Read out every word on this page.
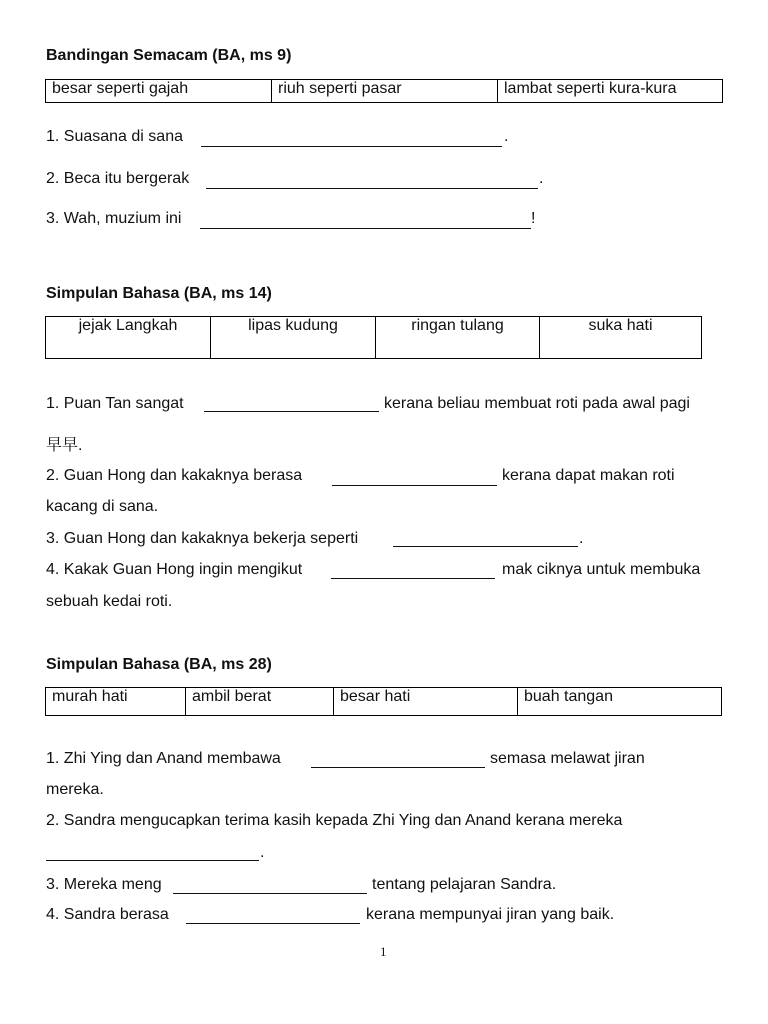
Bandingan Semacam (BA, ms 9)
besar seperti gajah	riuh seperti pasar	lambat seperti kura-kura
1. Suasana di sana	.
2. Beca itu bergerak	.
3. Wah, muzium ini	!
Simpulan Bahasa (BA, ms 14)
jejak Langkah	lipas kudung	ringan tulang	suka hati
1. Puan Tan sangat	kerana beliau membuat roti pada awal pagi
早早.
2. Guan Hong dan kakaknya berasa	kerana dapat makan roti
kacang di sana.
3. Guan Hong dan kakaknya bekerja seperti	.
4. Kakak Guan Hong ingin mengikut	mak ciknya untuk membuka
sebuah kedai roti.
Simpulan Bahasa (BA, ms 28)
murah hati	ambil berat	besar hati	buah tangan
1. Zhi Ying dan Anand membawa	semasa melawat jiran
mereka.
2. Sandra mengucapkan terima kasih kepada Zhi Ying dan Anand kerana mereka
.
3. Mereka meng	tentang pelajaran Sandra.
4. Sandra berasa	kerana mempunyai jiran yang baik.
1
